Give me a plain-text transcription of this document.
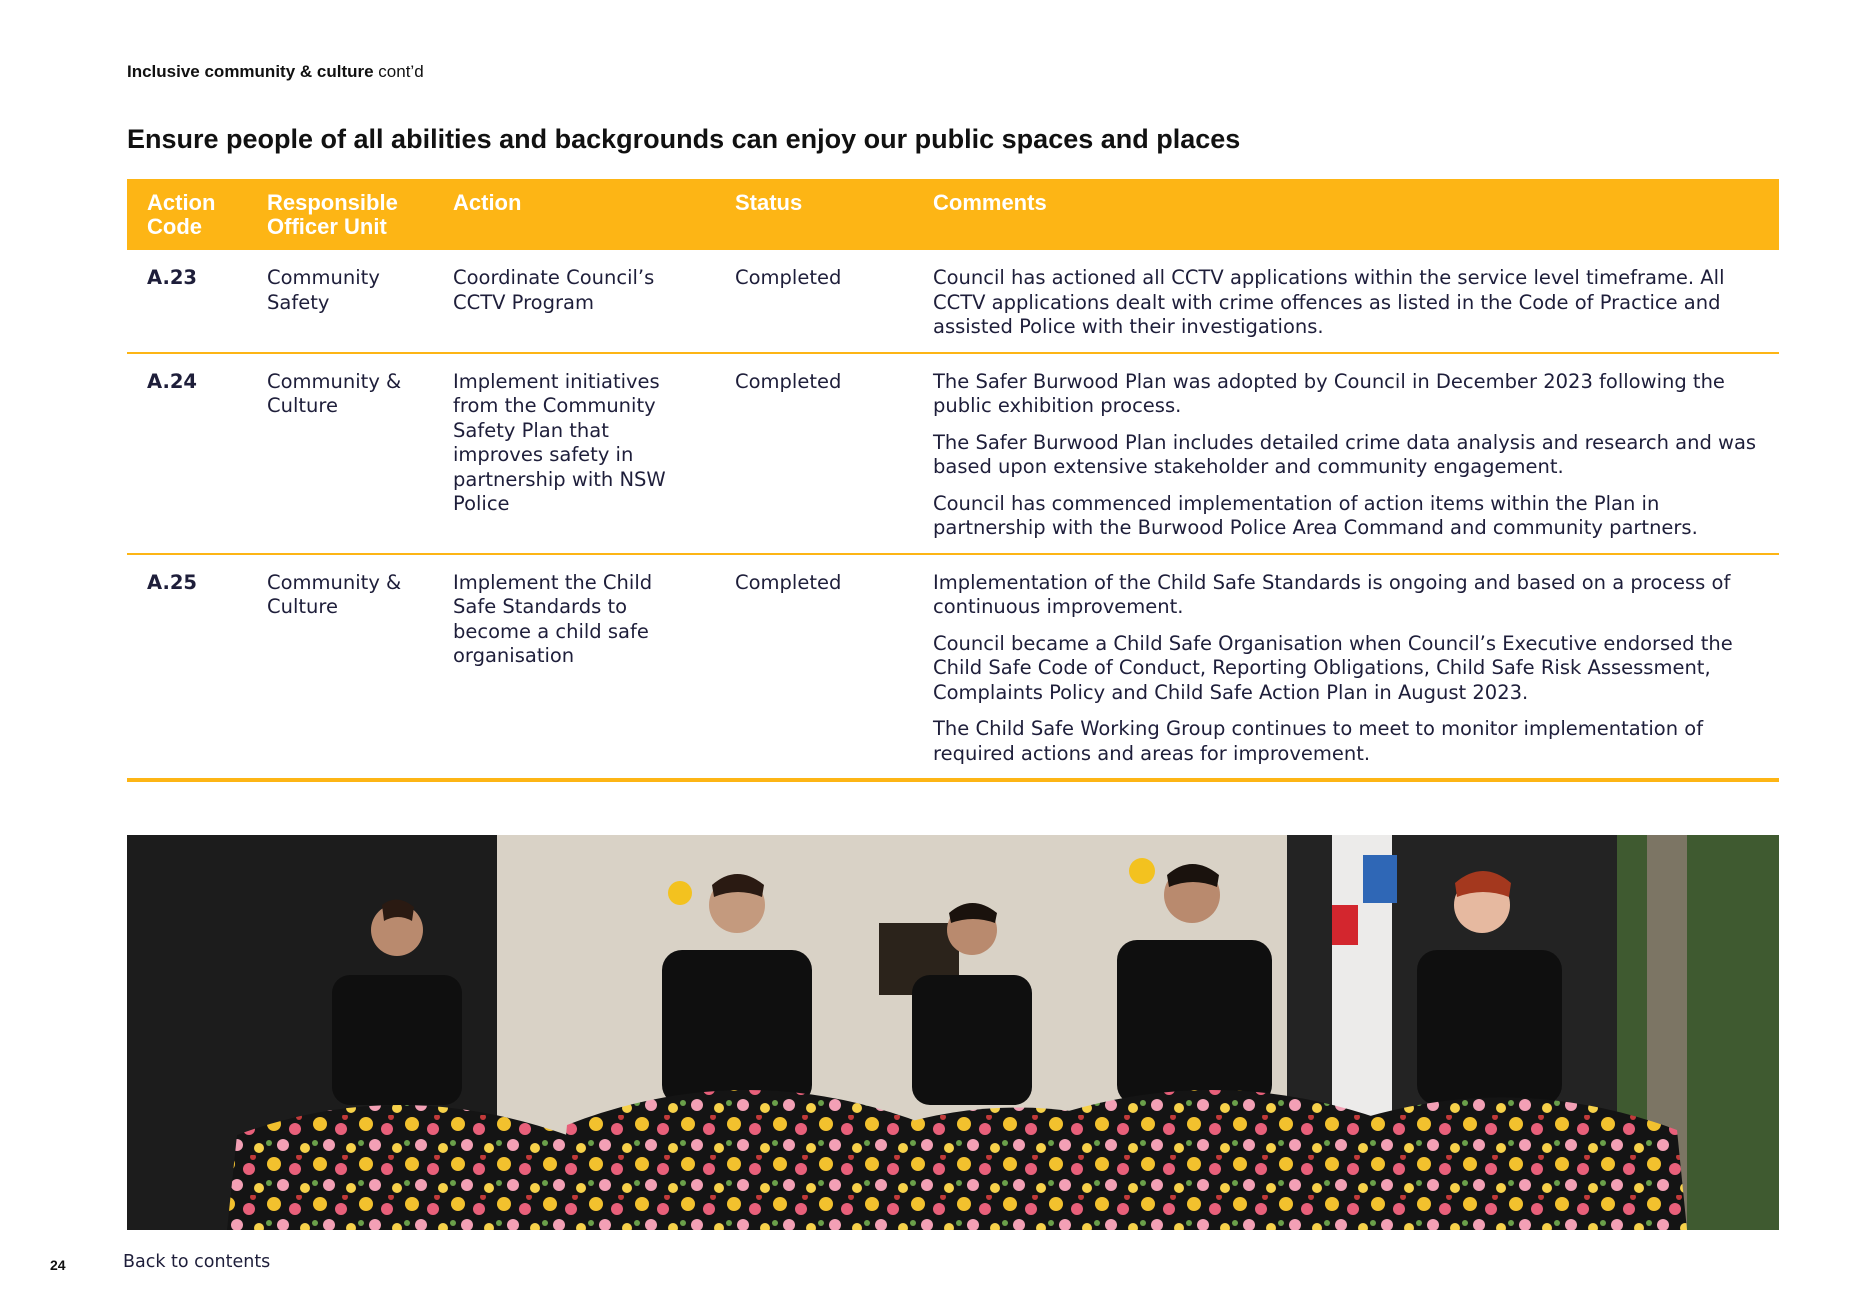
Inclusive community & culture cont’d
Ensure people of all abilities and backgrounds can enjoy our public spaces and places
Action Code	Responsible Officer Unit	Action	Status	Comments
A.23	Community Safety	Coordinate Council’s CCTV Program	Completed	Council has actioned all CCTV applications within the service level timeframe. All CCTV applications dealt with crime offences as listed in the Code of Practice and assisted Police with their investigations.

A.24	Community & Culture	Implement initiatives from the Community Safety Plan that improves safety in partnership with NSW Police	Completed	The Safer Burwood Plan was adopted by Council in December 2023 following the public exhibition process.

The Safer Burwood Plan includes detailed crime data analysis and research and was based upon extensive stakeholder and community engagement.

Council has commenced implementation of action items within the Plan in partnership with the Burwood Police Area Command and community partners.

A.25	Community & Culture	Implement the Child Safe Standards to become a child safe organisation	Completed	Implementation of the Child Safe Standards is ongoing and based on a process of continuous improvement.

Council became a Child Safe Organisation when Council’s Executive endorsed the Child Safe Code of Conduct, Reporting Obligations, Child Safe Risk Assessment, Complaints Policy and Child Safe Action Plan in August 2023.

The Child Safe Working Group continues to meet to monitor implementation of required actions and areas for improvement.

24	Back to contents
